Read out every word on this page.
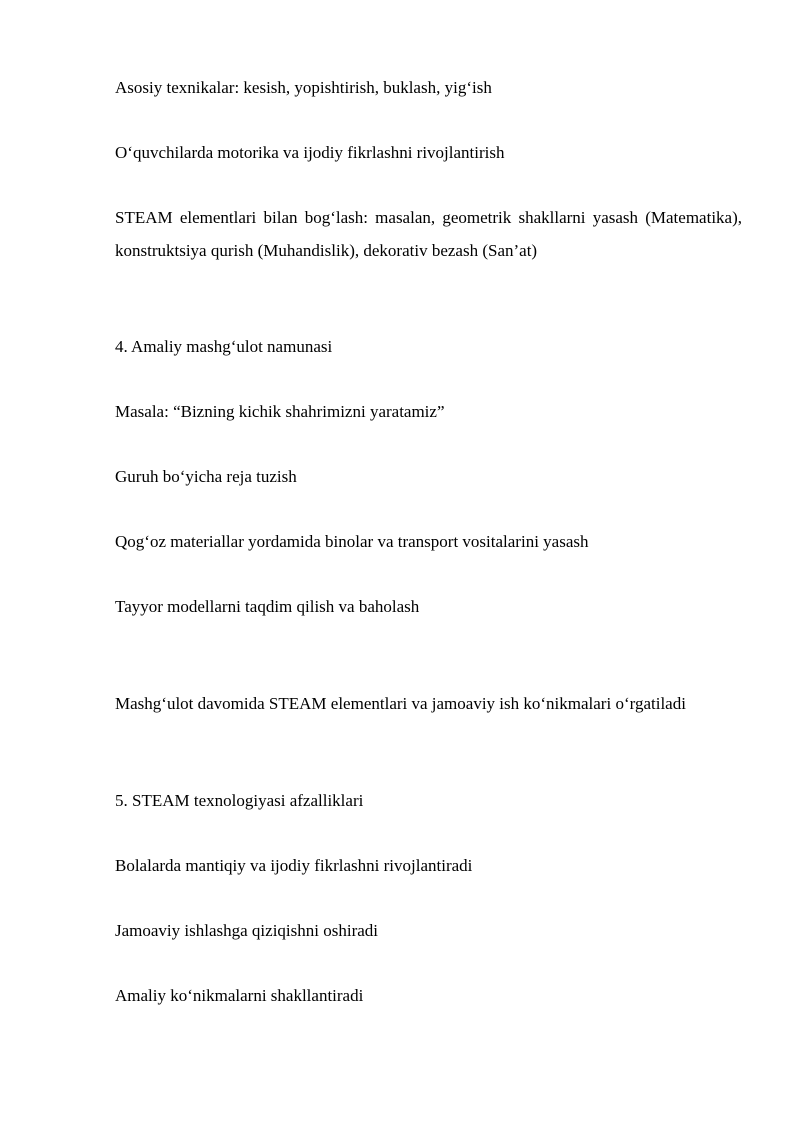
Asosiy texnikalar: kesish, yopishtirish, buklash, yig‘ish

O‘quvchilarda motorika va ijodiy fikrlashni rivojlantirish

STEAM elementlari bilan bog‘lash: masalan, geometrik shakllarni yasash (Matematika), konstruktsiya qurish (Muhandislik), dekorativ bezash (San’at)

4. Amaliy mashg‘ulot namunasi

Masala: “Bizning kichik shahrimizni yaratamiz”

Guruh bo‘yicha reja tuzish

Qog‘oz materiallar yordamida binolar va transport vositalarini yasash

Tayyor modellarni taqdim qilish va baholash

Mashg‘ulot davomida STEAM elementlari va jamoaviy ish ko‘nikmalari o‘rgatiladi

5. STEAM texnologiyasi afzalliklari

Bolalarda mantiqiy va ijodiy fikrlashni rivojlantiradi

Jamoaviy ishlashga qiziqishni oshiradi

Amaliy ko‘nikmalarni shakllantiradi
